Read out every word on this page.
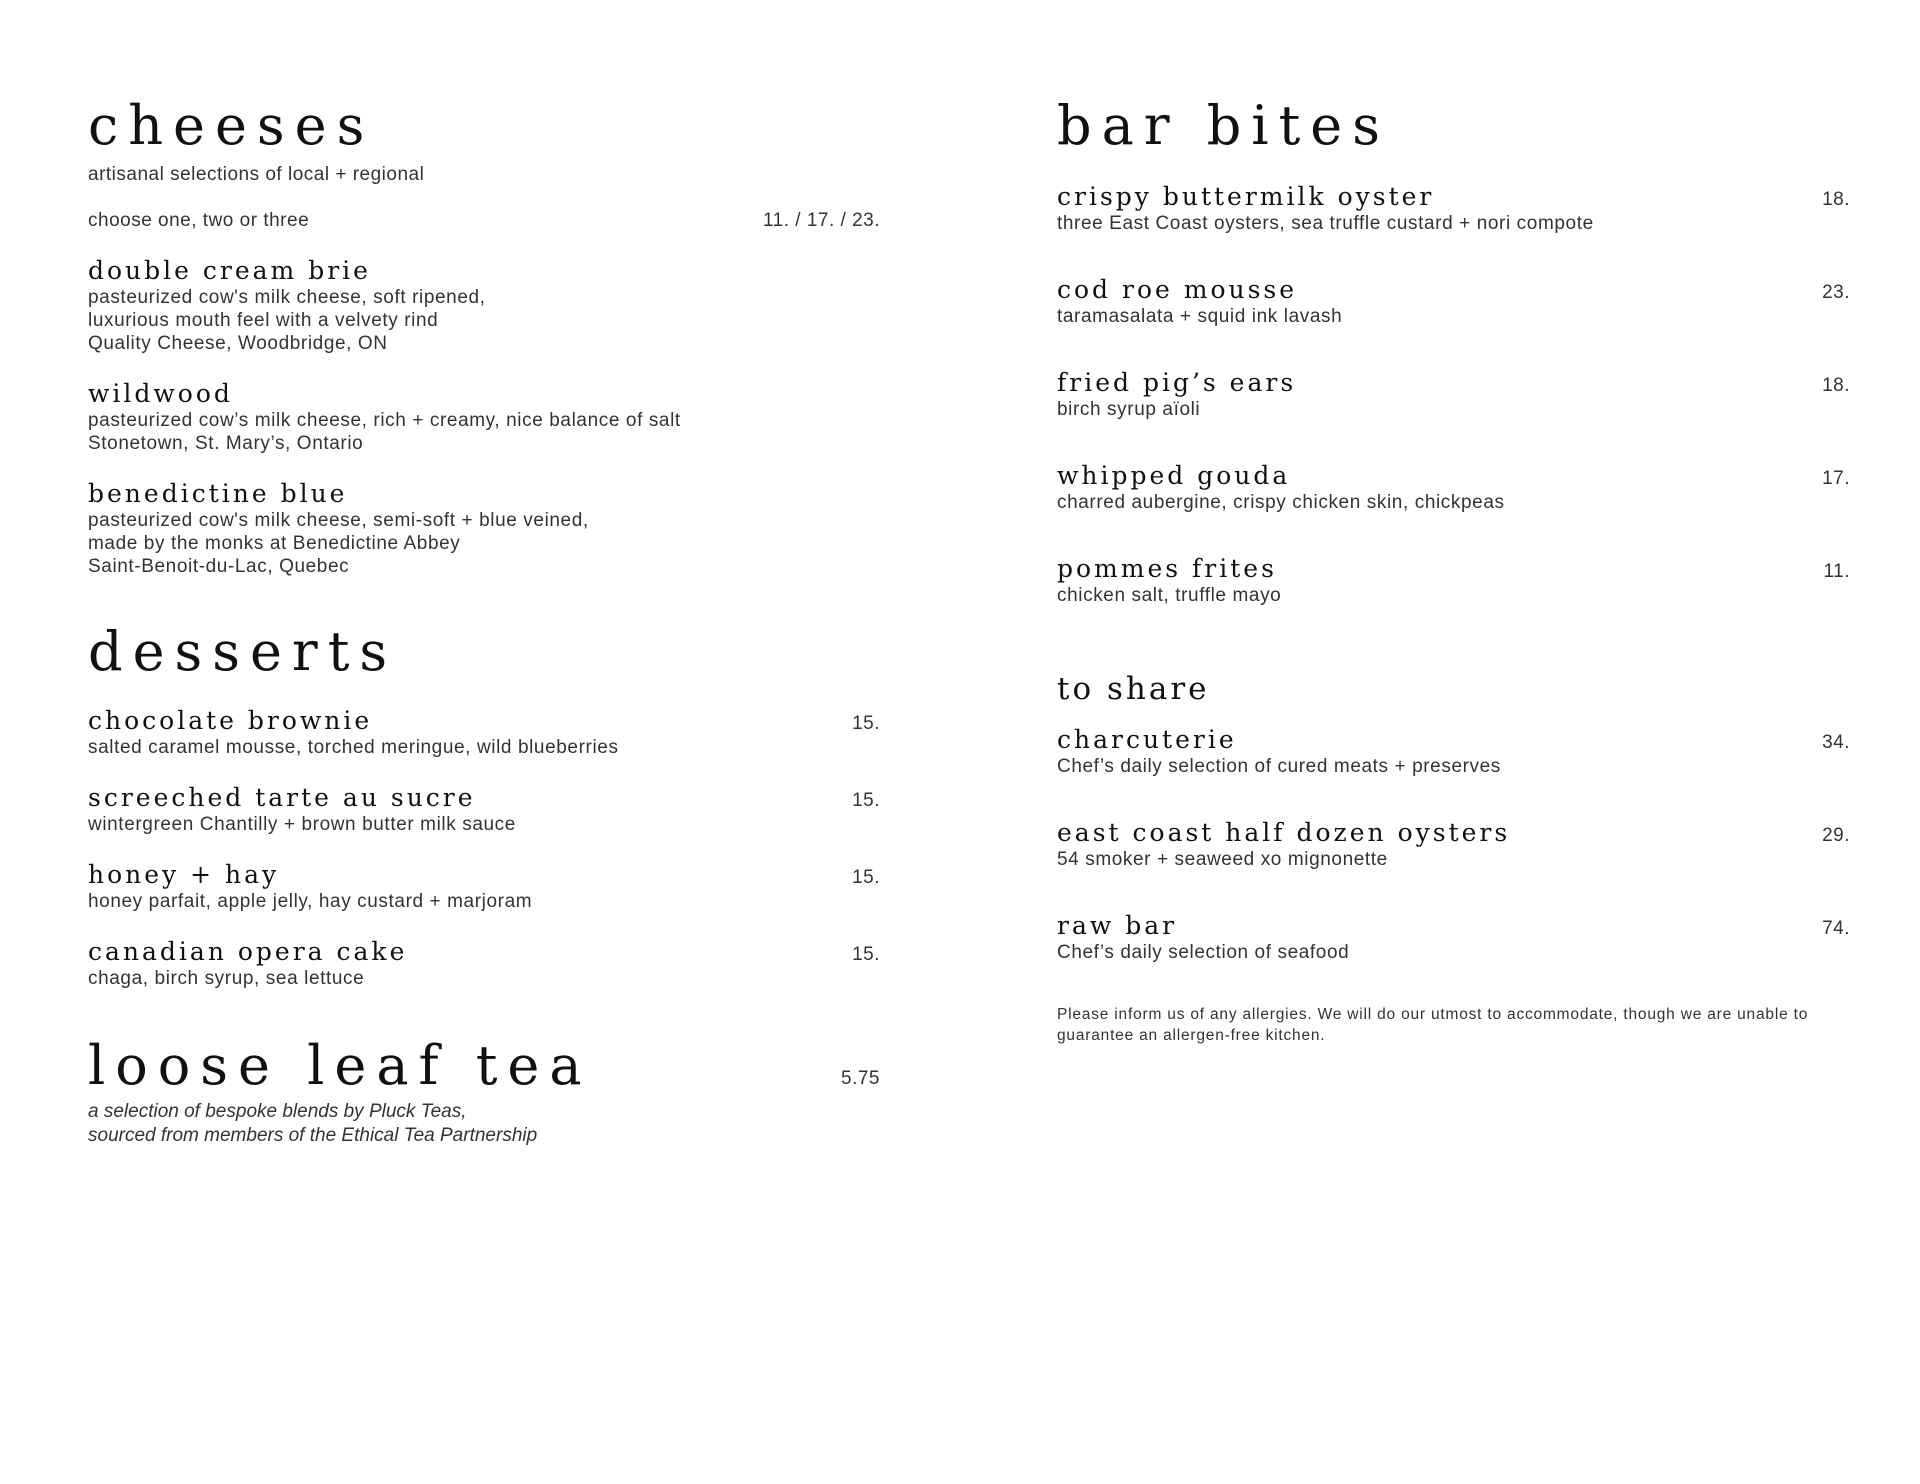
cheeses
artisanal selections of local + regional
choose one, two or three	11. / 17. / 23.
double cream brie
pasteurized cow's milk cheese, soft ripened,
luxurious mouth feel with a velvety rind
Quality Cheese, Woodbridge, ON
wildwood
pasteurized cow’s milk cheese, rich + creamy, nice balance of salt
Stonetown, St. Mary’s, Ontario
benedictine blue
pasteurized cow's milk cheese, semi-soft + blue veined,
made by the monks at Benedictine Abbey
Saint-Benoit-du-Lac, Quebec
desserts
chocolate brownie	15.
salted caramel mousse, torched meringue, wild blueberries
screeched tarte au sucre	15.
wintergreen Chantilly + brown butter milk sauce
honey + hay	15.
honey parfait, apple jelly, hay custard + marjoram
canadian opera cake	15.
chaga, birch syrup, sea lettuce
loose leaf tea	5.75
a selection of bespoke blends by Pluck Teas,
sourced from members of the Ethical Tea Partnership
bar bites
crispy buttermilk oyster	18.
three East Coast oysters, sea truffle custard + nori compote
cod roe mousse	23.
taramasalata + squid ink lavash
fried pig’s ears	18.
birch syrup aïoli
whipped gouda	17.
charred aubergine, crispy chicken skin, chickpeas
pommes frites	11.
chicken salt, truffle mayo
to share
charcuterie	34.
Chef’s daily selection of cured meats + preserves
east coast half dozen oysters	29.
54 smoker + seaweed xo mignonette
raw bar	74.
Chef’s daily selection of seafood
Please inform us of any allergies. We will do our utmost to accommodate, though we are unable to guarantee an allergen-free kitchen.
